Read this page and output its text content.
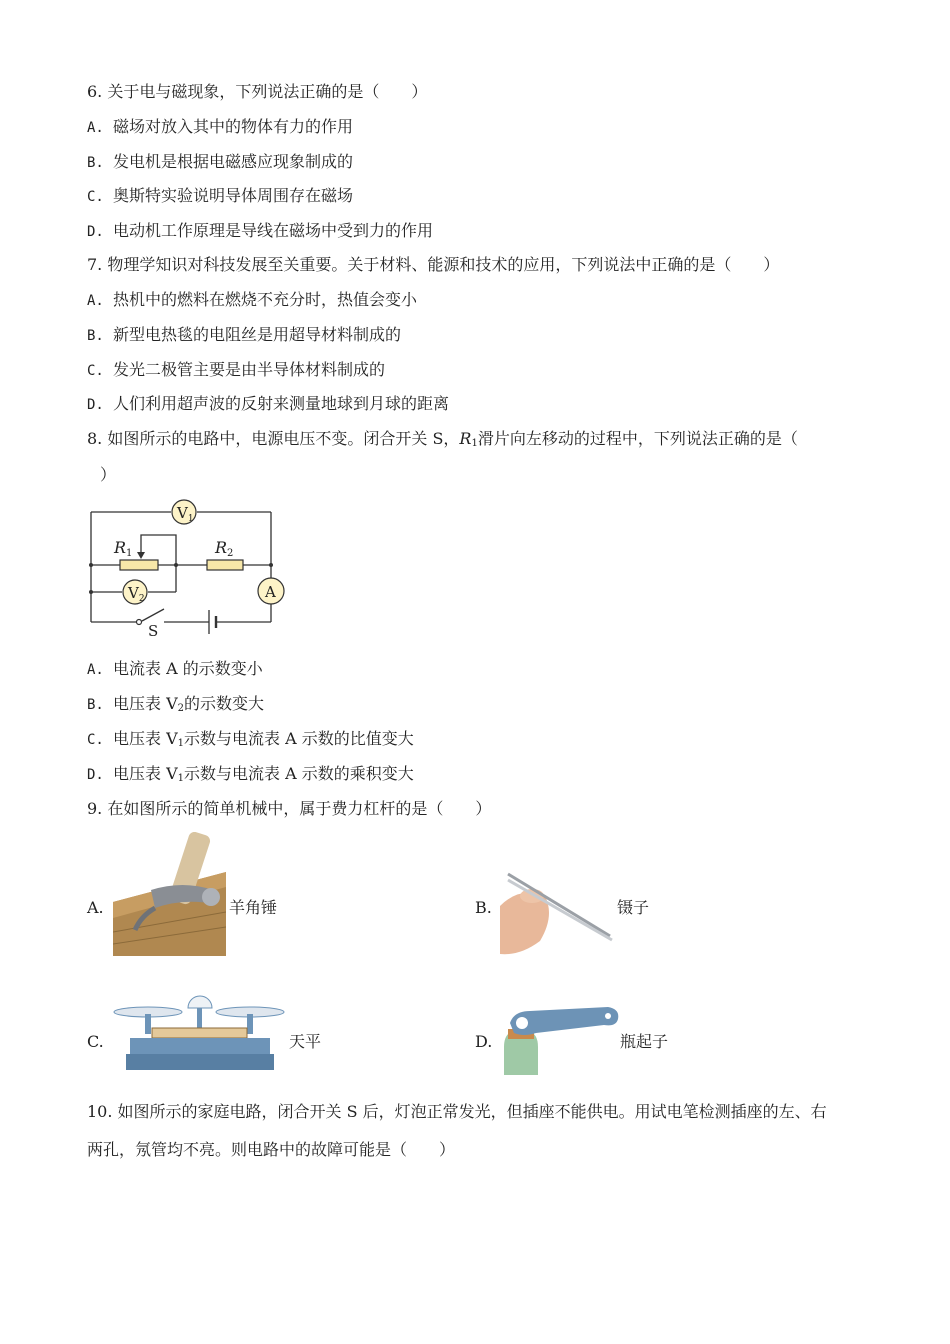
6. 关于电与磁现象，下列说法正确的是（　　）
A. 磁场对放入其中的物体有力的作用
B. 发电机是根据电磁感应现象制成的
C. 奥斯特实验说明导体周围存在磁场
D. 电动机工作原理是导线在磁场中受到力的作用
7. 物理学知识对科技发展至关重要。关于材料、能源和技术的应用，下列说法中正确的是（　　）
A. 热机中的燃料在燃烧不充分时，热值会变小
B. 新型电热毯的电阻丝是用超导材料制成的
C. 发光二极管主要是由半导体材料制成的
D. 人们利用超声波的反射来测量地球到月球的距离
8. 如图所示的电路中，电源电压不变。闭合开关 S，$R_1$滑片向左移动的过程中，下列说法正确的是（
）
$V_1$
$V_2$	A
R1	R2
S
A. 电流表 A 的示数变小
B. 电压表 $V_2$的示数变大
C. 电压表 $V_1$示数与电流表 A 示数的比值变大
D. 电压表 $V_1$示数与电流表 A 示数的乘积变大
9. 在如图所示的简单机械中，属于费力杠杆的是（　　）
A.	羊角锤	B.	镊子
C.	天平	D.	瓶起子
10. 如图所示的家庭电路，闭合开关 S 后，灯泡正常发光，但插座不能供电。用试电笔检测插座的左、右
两孔，氖管均不亮。则电路中的故障可能是（　　）
